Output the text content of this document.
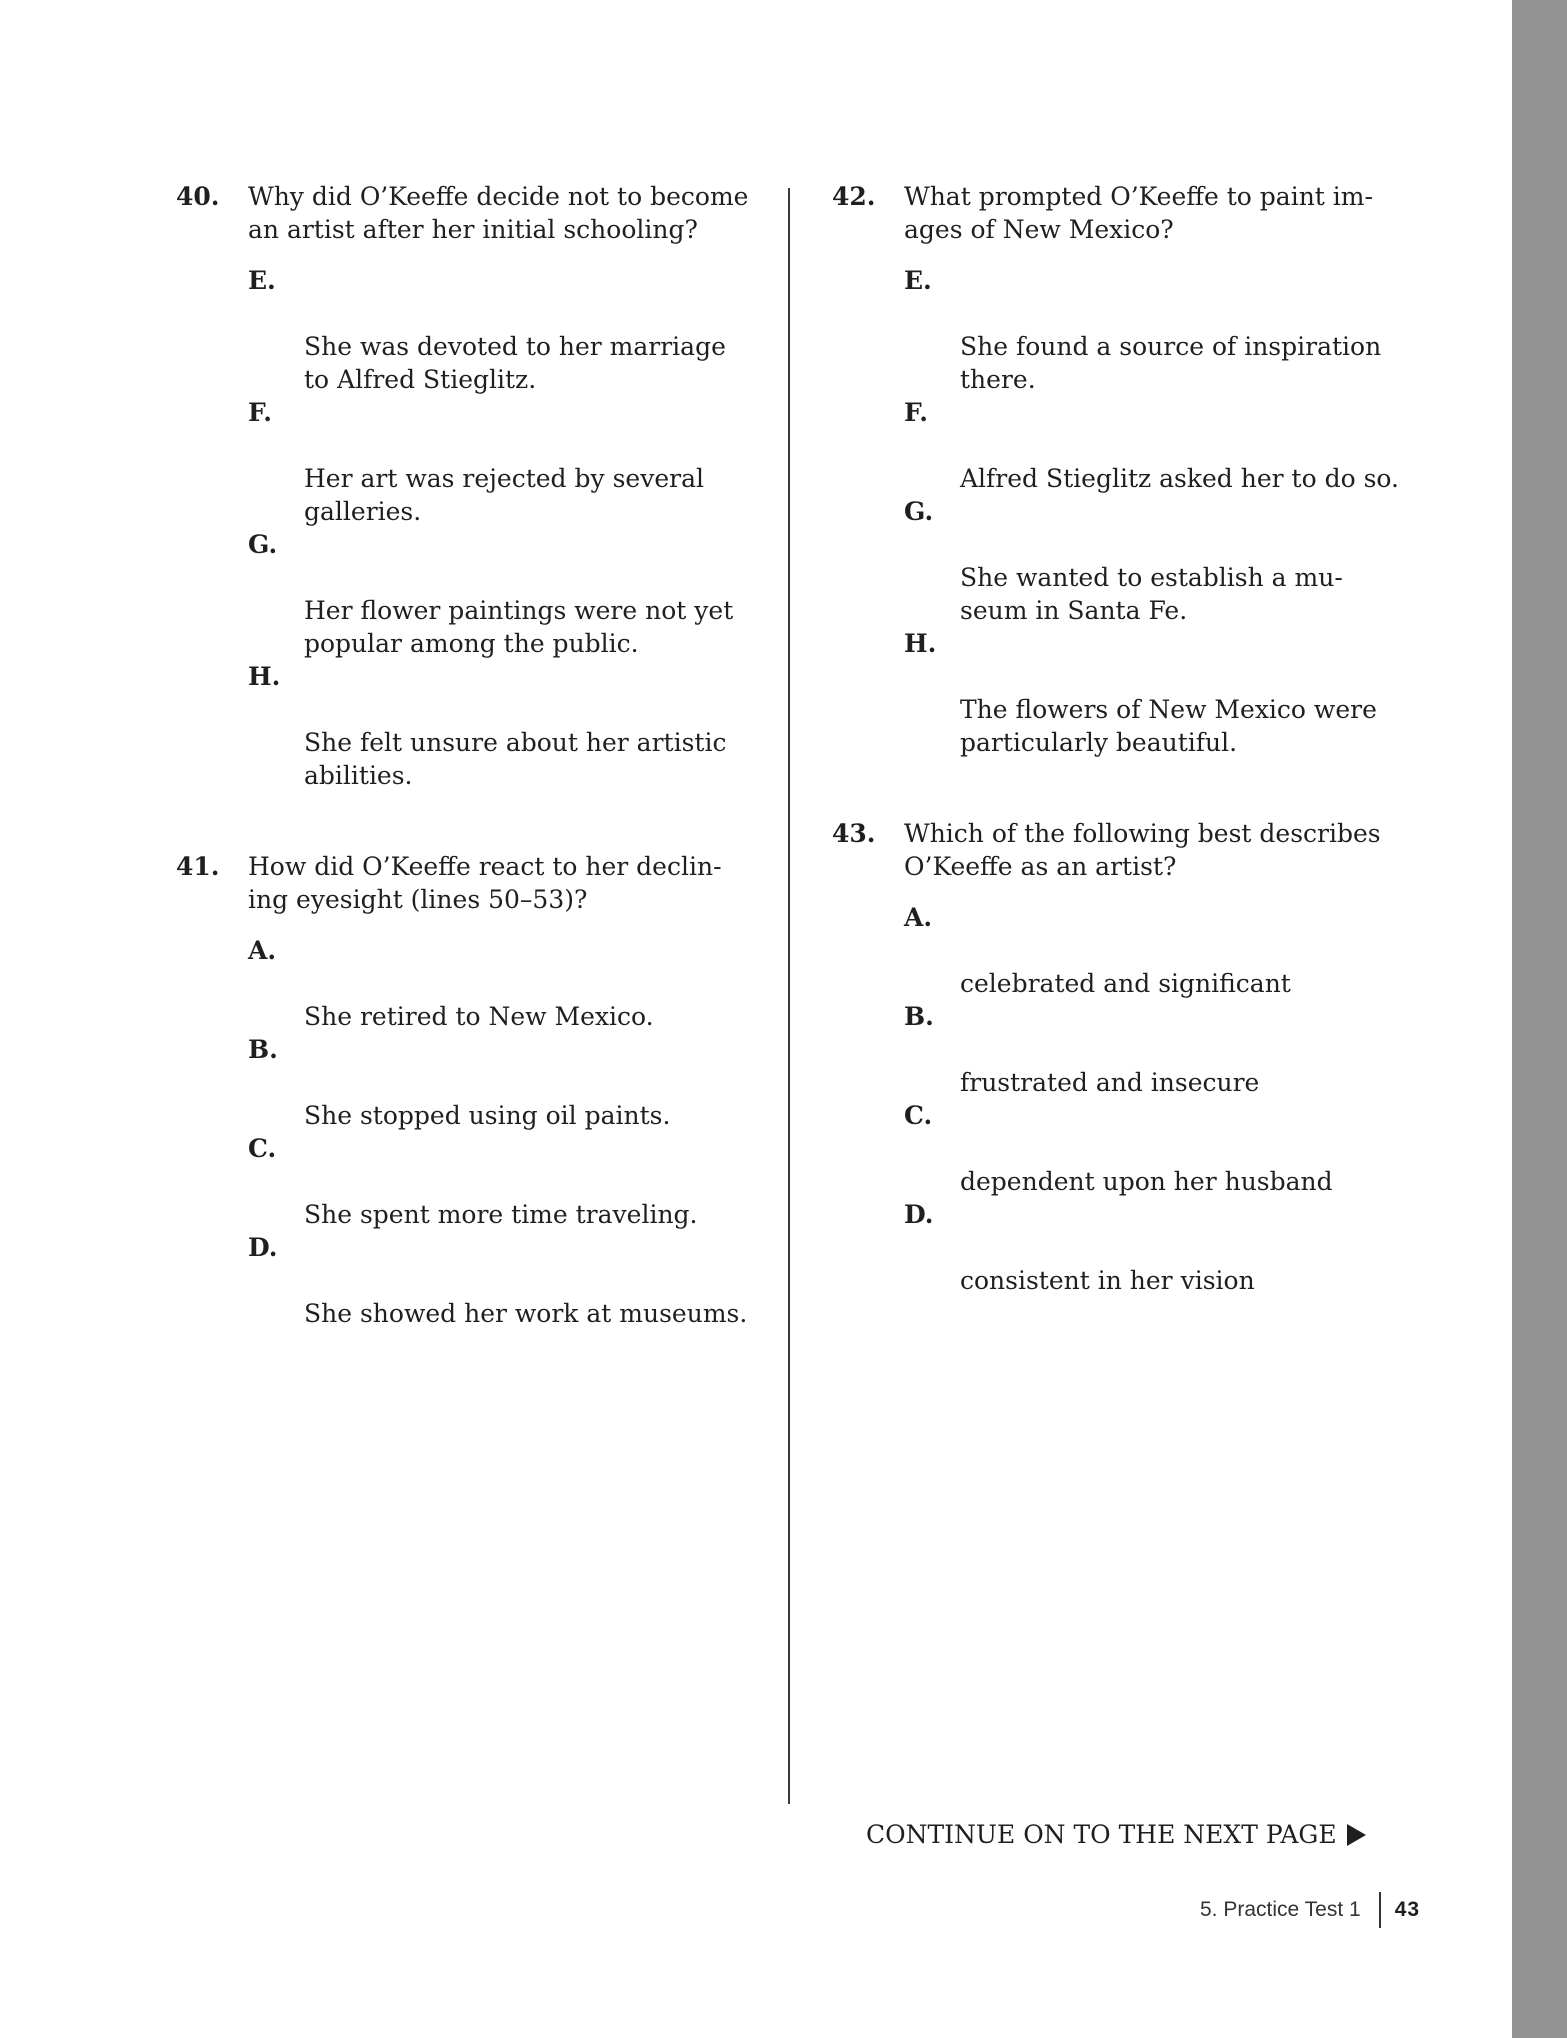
40. Why did O’Keeffe decide not to become
an artist after her initial schooling?

E.

She was devoted to her marriage
to Alfred Stieglitz.

F.

Her art was rejected by several
galleries.

G.

Her flower paintings were not yet
popular among the public.

H.

She felt unsure about her artistic
abilities.

41. How did O’Keeffe react to her declin-
ing eyesight (lines 50–53)?

A.

She retired to New Mexico.

B.

She stopped using oil paints.

C.

She spent more time traveling.

D.

She showed her work at museums.

42. What prompted O’Keeffe to paint im-
ages of New Mexico?

E.

She found a source of inspiration
there.

F.

Alfred Stieglitz asked her to do so.

G.

She wanted to establish a mu-
seum in Santa Fe.

H.

The flowers of New Mexico were
particularly beautiful.

43. Which of the following best describes
O’Keeffe as an artist?

A.

celebrated and significant

B.

frustrated and insecure

C.

dependent upon her husband

D.

consistent in her vision

CONTINUE ON TO THE NEXT PAGE
5. Practice Test 1 43
